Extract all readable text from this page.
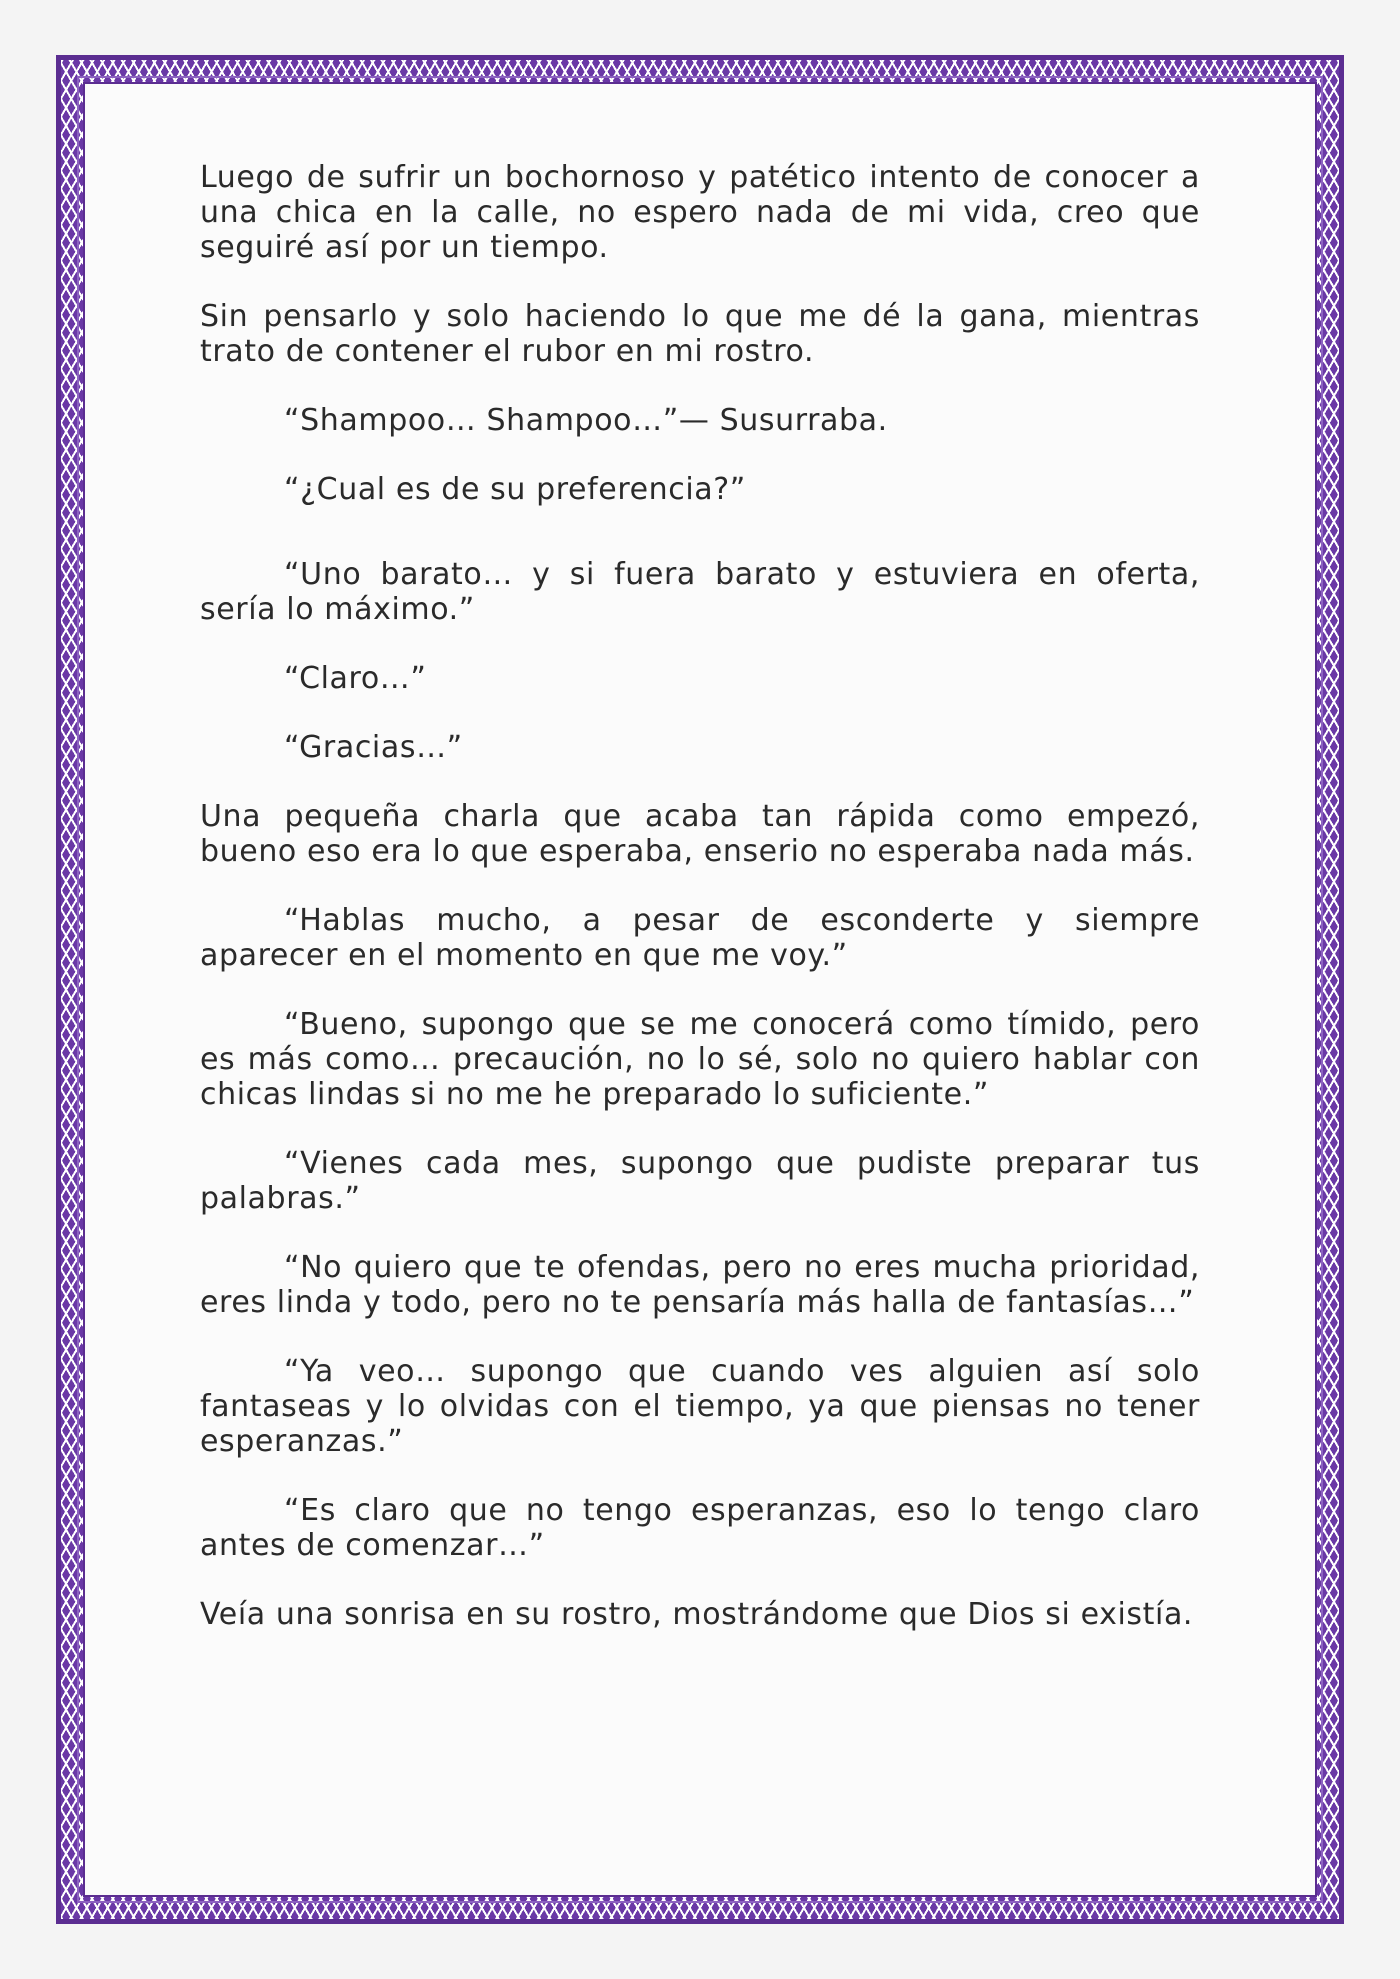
Luego de sufrir un bochornoso y patético intento de conocer a una chica en la calle, no espero nada de mi vida, creo que seguiré así por un tiempo.

Sin pensarlo y solo haciendo lo que me dé la gana, mientras trato de contener el rubor en mi rostro.

“Shampoo… Shampoo…”— Susurraba.

“¿Cual es de su preferencia?”

“Uno barato… y si fuera barato y estuviera en oferta, sería lo máximo.”

“Claro…”

“Gracias…”

Una pequeña charla que acaba tan rápida como empezó, bueno eso era lo que esperaba, enserio no esperaba nada más.

“Hablas mucho, a pesar de esconderte y siempre aparecer en el momento en que me voy.”

“Bueno, supongo que se me conocerá como tímido, pero es más como… precaución, no lo sé, solo no quiero hablar con chicas lindas si no me he preparado lo suficiente.”

“Vienes cada mes, supongo que pudiste preparar tus palabras.”

“No quiero que te ofendas, pero no eres mucha prioridad, eres linda y todo, pero no te pensaría más halla de fantasías…”

“Ya veo… supongo que cuando ves alguien así solo fantaseas y lo olvidas con el tiempo, ya que piensas no tener esperanzas.”

“Es claro que no tengo esperanzas, eso lo tengo claro antes de comenzar…”

Veía una sonrisa en su rostro, mostrándome que Dios si existía.
